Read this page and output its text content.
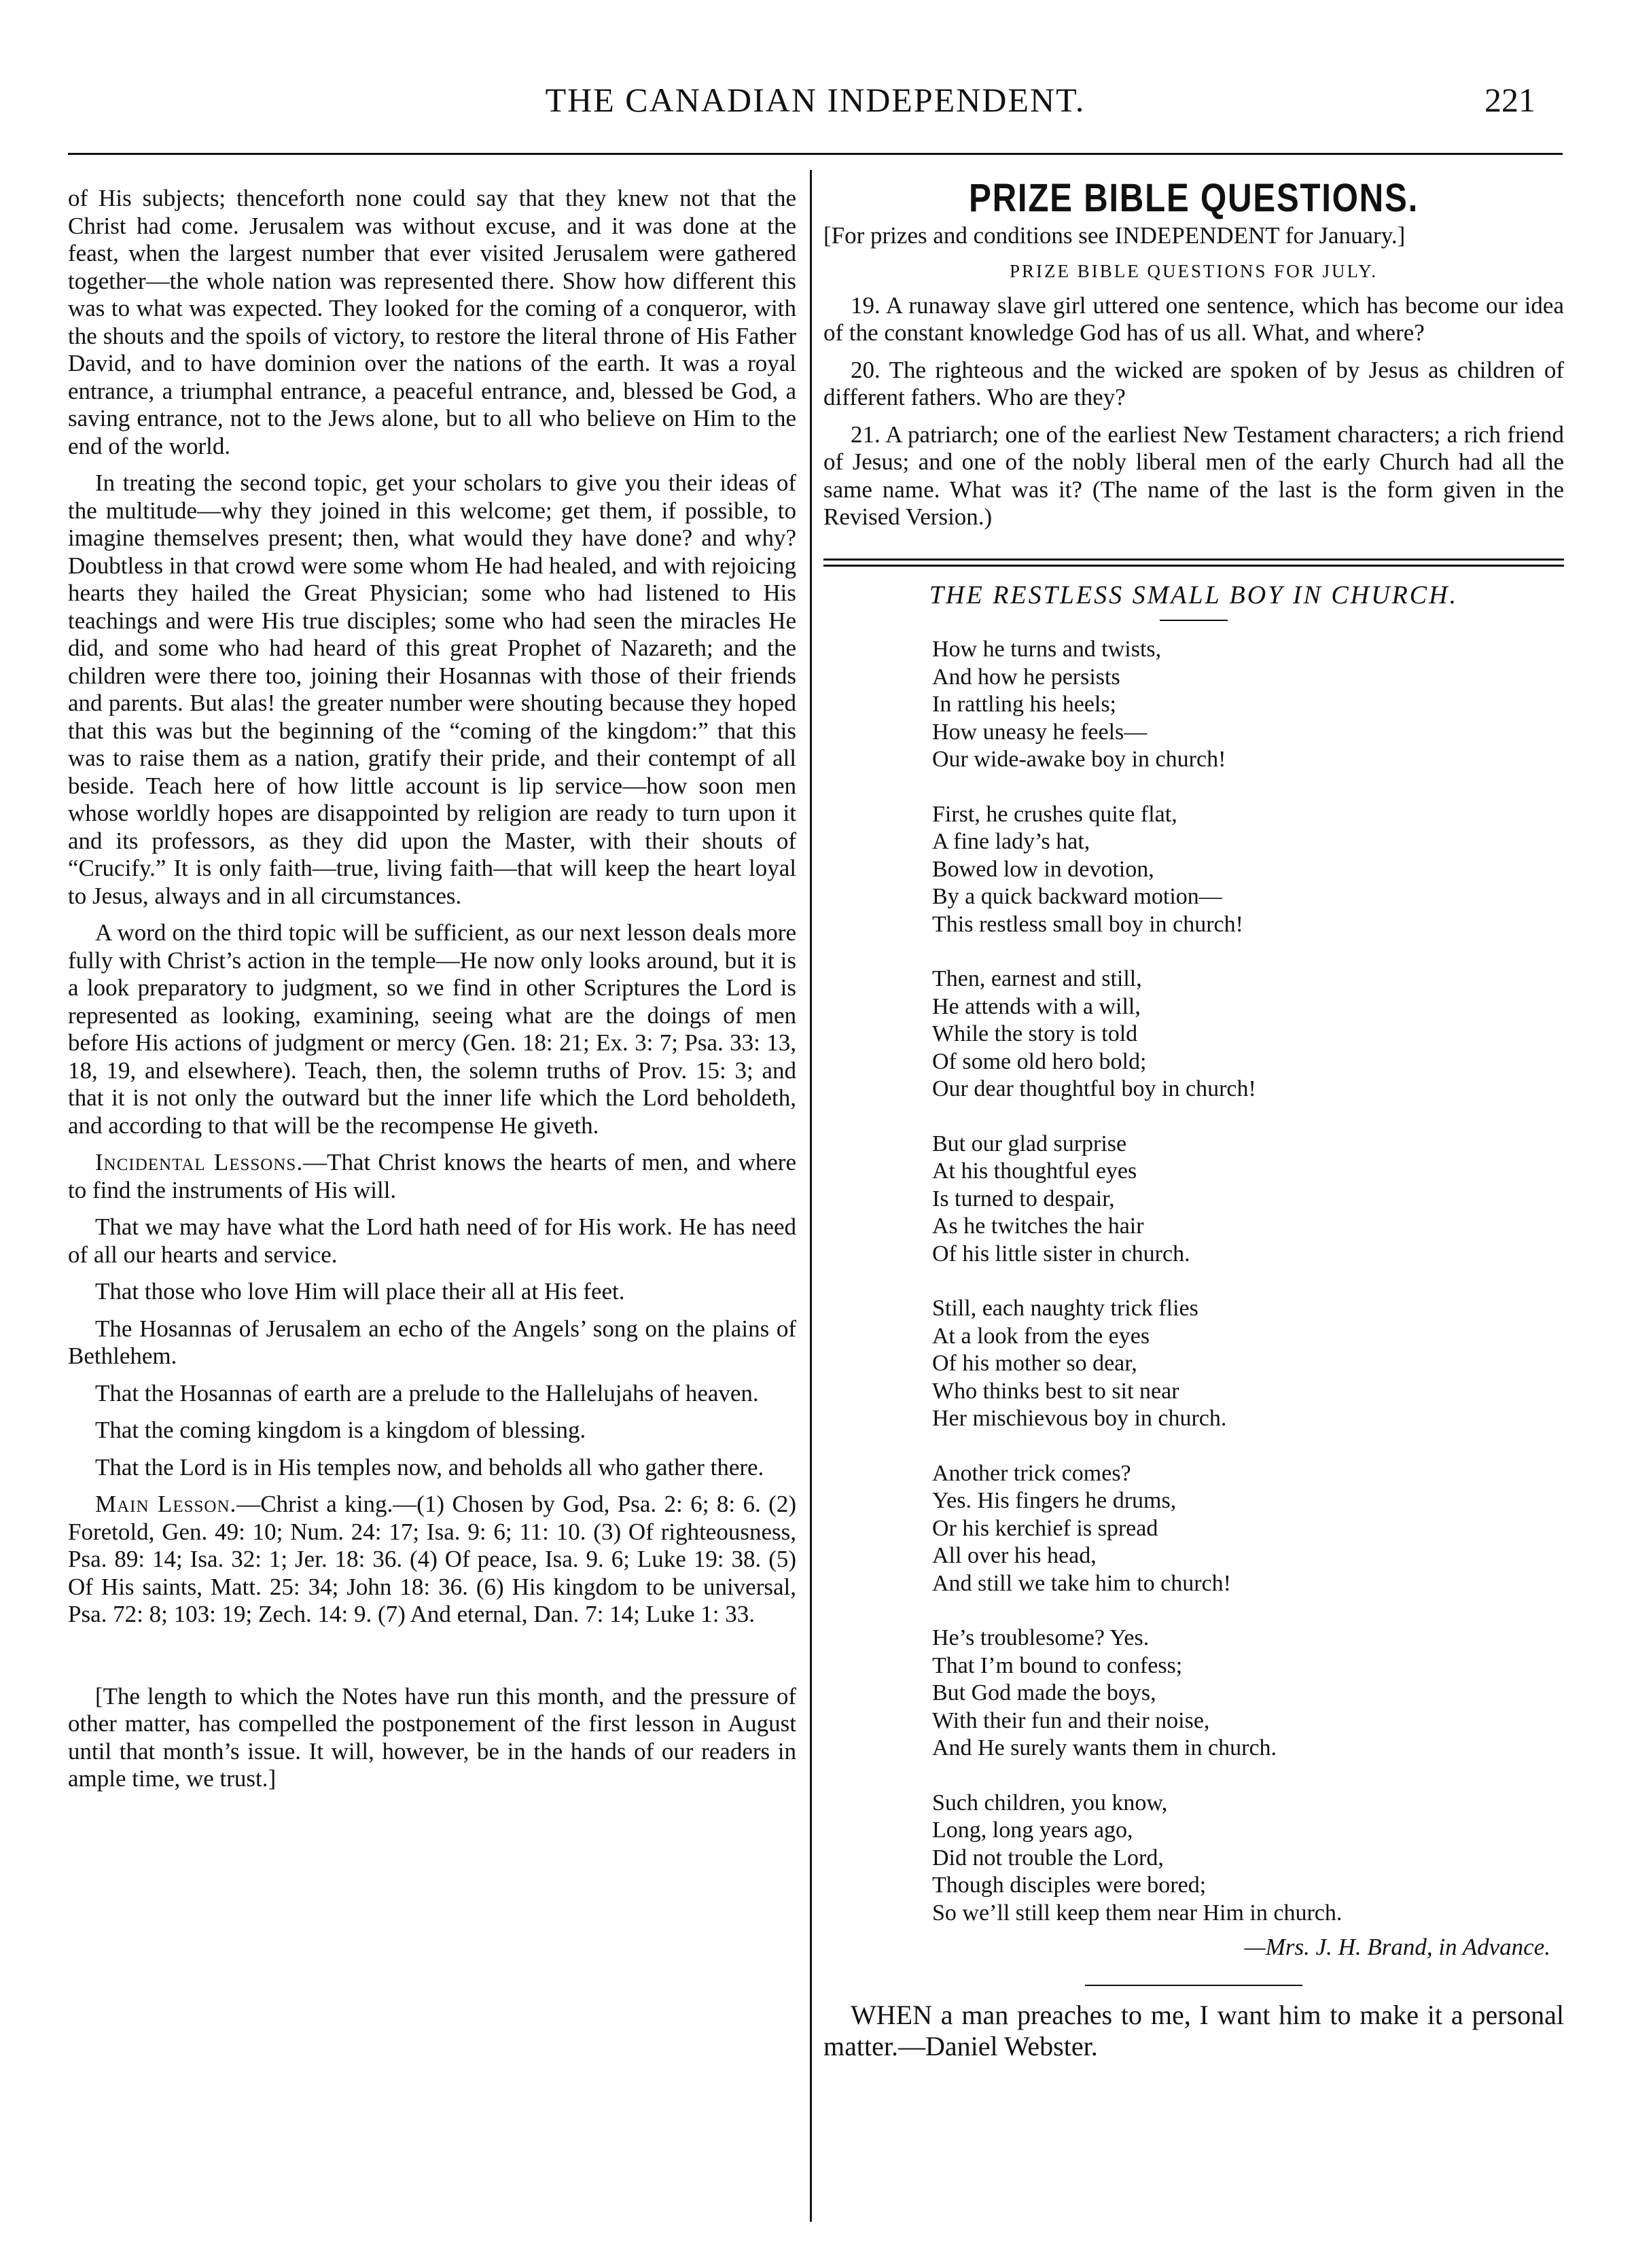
THE CANADIAN INDEPENDENT.	221

of His subjects; thenceforth none could say that they knew not that the Christ had come. Jerusalem was without excuse, and it was done at the feast, when the largest number that ever visited Jerusalem were gathered together—the whole nation was represented there. Show how different this was to what was expected. They looked for the coming of a conqueror, with the shouts and the spoils of victory, to restore the literal throne of His Father David, and to have dominion over the nations of the earth. It was a royal entrance, a triumphal entrance, a peaceful entrance, and, blessed be God, a saving entrance, not to the Jews alone, but to all who believe on Him to the end of the world.

In treating the second topic, get your scholars to give you their ideas of the multitude—why they joined in this welcome; get them, if possible, to imagine themselves present; then, what would they have done? and why? Doubtless in that crowd were some whom He had healed, and with rejoicing hearts they hailed the Great Physician; some who had listened to His teachings and were His true disciples; some who had seen the miracles He did, and some who had heard of this great Prophet of Nazareth; and the children were there too, joining their Hosannas with those of their friends and parents. But alas! the greater number were shouting because they hoped that this was but the beginning of the “coming of the kingdom:” that this was to raise them as a nation, gratify their pride, and their contempt of all beside. Teach here of how little account is lip service—how soon men whose worldly hopes are disappointed by religion are ready to turn upon it and its professors, as they did upon the Master, with their shouts of “Crucify.” It is only faith—true, living faith—that will keep the heart loyal to Jesus, always and in all circumstances.

A word on the third topic will be sufficient, as our next lesson deals more fully with Christ’s action in the temple—He now only looks around, but it is a look preparatory to judgment, so we find in other Scriptures the Lord is represented as looking, examining, seeing what are the doings of men before His actions of judgment or mercy (Gen. 18: 21; Ex. 3: 7; Psa. 33: 13, 18, 19, and elsewhere). Teach, then, the solemn truths of Prov. 15: 3; and that it is not only the outward but the inner life which the Lord beholdeth, and according to that will be the recompense He giveth.

Incidental Lessons.—That Christ knows the hearts of men, and where to find the instruments of His will.

That we may have what the Lord hath need of for His work. He has need of all our hearts and service.

That those who love Him will place their all at His feet.

The Hosannas of Jerusalem an echo of the Angels’ song on the plains of Bethlehem.

That the Hosannas of earth are a prelude to the Hallelujahs of heaven.

That the coming kingdom is a kingdom of blessing.

That the Lord is in His temples now, and beholds all who gather there.

Main Lesson.—Christ a king.—(1) Chosen by God, Psa. 2: 6; 8: 6. (2) Foretold, Gen. 49: 10; Num. 24: 17; Isa. 9: 6; 11: 10. (3) Of righteousness, Psa. 89: 14; Isa. 32: 1; Jer. 18: 36. (4) Of peace, Isa. 9. 6; Luke 19: 38. (5) Of His saints, Matt. 25: 34; John 18: 36. (6) His kingdom to be universal, Psa. 72: 8; 103: 19; Zech. 14: 9. (7) And eternal, Dan. 7: 14; Luke 1: 33.

[The length to which the Notes have run this month, and the pressure of other matter, has compelled the postponement of the first lesson in August until that month’s issue. It will, however, be in the hands of our readers in ample time, we trust.]

PRIZE BIBLE QUESTIONS.

[For prizes and conditions see INDEPENDENT for January.]

PRIZE BIBLE QUESTIONS FOR JULY.

19. A runaway slave girl uttered one sentence, which has become our idea of the constant knowledge God has of us all. What, and where?

20. The righteous and the wicked are spoken of by Jesus as children of different fathers. Who are they?

21. A patriarch; one of the earliest New Testament characters; a rich friend of Jesus; and one of the nobly liberal men of the early Church had all the same name. What was it? (The name of the last is the form given in the Revised Version.)

THE RESTLESS SMALL BOY IN CHURCH.
How he turns and twists,
And how he persists
In rattling his heels;
How uneasy he feels—
Our wide-awake boy in church!
First, he crushes quite flat,
A fine lady’s hat,
Bowed low in devotion,
By a quick backward motion—
This restless small boy in church!
Then, earnest and still,
He attends with a will,
While the story is told
Of some old hero bold;
Our dear thoughtful boy in church!
But our glad surprise
At his thoughtful eyes
Is turned to despair,
As he twitches the hair
Of his little sister in church.
Still, each naughty trick flies
At a look from the eyes
Of his mother so dear,
Who thinks best to sit near
Her mischievous boy in church.
Another trick comes?
Yes. His fingers he drums,
Or his kerchief is spread
All over his head,
And still we take him to church!
He’s troublesome? Yes.
That I’m bound to confess;
But God made the boys,
With their fun and their noise,
And He surely wants them in church.
Such children, you know,
Long, long years ago,
Did not trouble the Lord,
Though disciples were bored;
So we’ll still keep them near Him in church.
—Mrs. J. H. Brand, in Advance.

WHEN a man preaches to me, I want him to make it a personal matter.—Daniel Webster.
